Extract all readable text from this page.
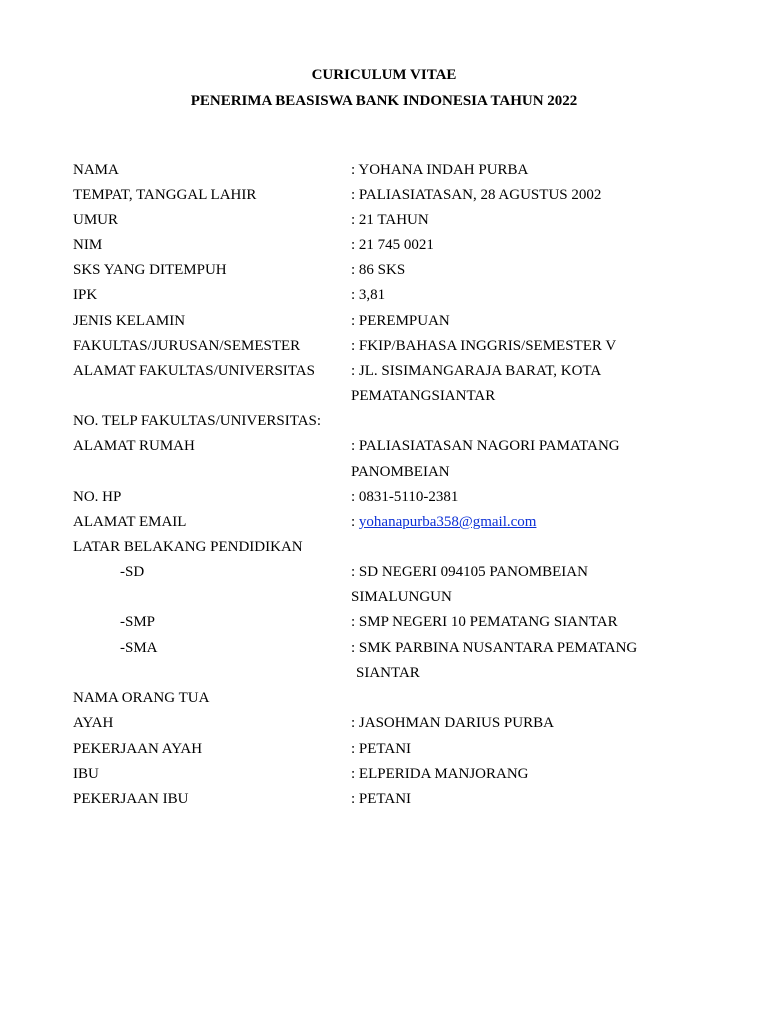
CURICULUM VITAE
PENERIMA BEASISWA BANK INDONESIA TAHUN 2022
NAMA	: YOHANA INDAH PURBA
TEMPAT, TANGGAL LAHIR	: PALIASIATASAN, 28 AGUSTUS 2002
UMUR	: 21 TAHUN
NIM	: 21 745 0021
SKS YANG DITEMPUH	: 86 SKS
IPK	: 3,81
JENIS KELAMIN	: PEREMPUAN
FAKULTAS/JURUSAN/SEMESTER	: FKIP/BAHASA INGGRIS/SEMESTER V
ALAMAT FAKULTAS/UNIVERSITAS : JL. SISIMANGARAJA BARAT, KOTA
PEMATANGSIANTAR
NO. TELP FAKULTAS/UNIVERSITAS:
ALAMAT RUMAH	: PALIASIATASAN NAGORI PAMATANG
PANOMBEIAN
NO. HP	: 0831-5110-2381
ALAMAT EMAIL	: yohanapurba358@gmail.com
LATAR BELAKANG PENDIDIKAN
-SD	: SD NEGERI 094105 PANOMBEIAN
SIMALUNGUN
-SMP	: SMP NEGERI 10 PEMATANG SIANTAR
-SMA	: SMK PARBINA NUSANTARA PEMATANG
SIANTAR
NAMA ORANG TUA
AYAH	: JASOHMAN DARIUS PURBA
PEKERJAAN AYAH	: PETANI
IBU	: ELPERIDA MANJORANG
PEKERJAAN IBU	: PETANI
